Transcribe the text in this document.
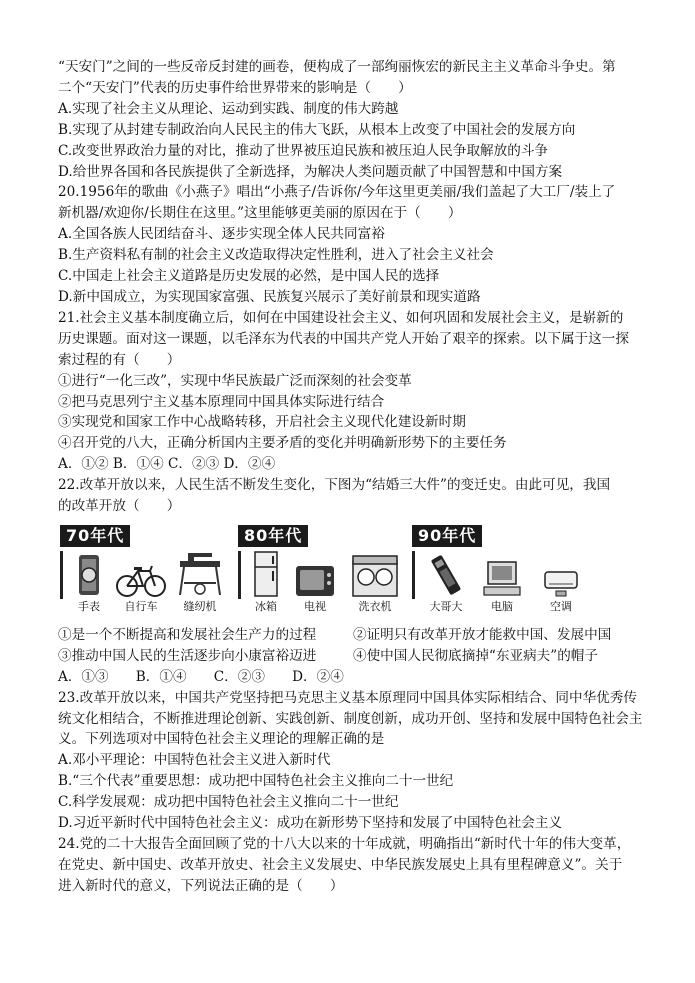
“天安门”之间的一些反帝反封建的画卷，便构成了一部绚丽恢宏的新民主主义革命斗争史。第
二个“天安门”代表的历史事件给世界带来的影响是（　　）
A.实现了社会主义从理论、运动到实践、制度的伟大跨越
B.实现了从封建专制政治向人民民主的伟大飞跃，从根本上改变了中国社会的发展方向
C.改变世界政治力量的对比，推动了世界被压迫民族和被压迫人民争取解放的斗争
D.给世界各国和各民族提供了全新选择，为解决人类问题贡献了中国智慧和中国方案
20.1956年的歌曲《小燕子》唱出“小燕子/告诉你/今年这里更美丽/我们盖起了大工厂/装上了
新机器/欢迎你/长期住在这里。”这里能够更美丽的原因在于（　　）
A.全国各族人民团结奋斗、逐步实现全体人民共同富裕
B.生产资料私有制的社会主义改造取得决定性胜利，进入了社会主义社会
C.中国走上社会主义道路是历史发展的必然，是中国人民的选择
D.新中国成立，为实现国家富强、民族复兴展示了美好前景和现实道路
21.社会主义基本制度确立后，如何在中国建设社会主义、如何巩固和发展社会主义，是崭新的
历史课题。面对这一课题，以毛泽东为代表的中国共产党人开始了艰辛的探索。以下属于这一探
索过程的有（　　）
①进行“一化三改”，实现中华民族最广泛而深刻的社会变革
②把马克思列宁主义基本原理同中国具体实际进行结合
③实现党和国家工作中心战略转移，开启社会主义现代化建设新时期
④召开党的八大，正确分析国内主要矛盾的变化并明确新形势下的主要任务
A．①② B．①④ C．②③ D．②④
22.改革开放以来，人民生活不断发生变化，下图为“结婚三大件”的变迁史。由此可见，我国
的改革开放（　　）
70年代
手表 自行车 缝纫机
80年代
冰箱 电视	洗衣机
90年代
大哥大	电脑	空调
①是一个不断提高和发展社会生产力的过程	②证明只有改革开放才能救中国、发展中国
③推动中国人民的生活逐步向小康富裕迈进	④使中国人民彻底摘掉“东亚病夫”的帽子
A．①③　　B．①④　　C．②③　　D．②④
23.改革开放以来，中国共产党坚持把马克思主义基本原理同中国具体实际相结合、同中华优秀传
统文化相结合，不断推进理论创新、实践创新、制度创新，成功开创、坚持和发展中国特色社会主
义。下列选项对中国特色社会主义理论的理解正确的是
A.邓小平理论：中国特色社会主义进入新时代
B.“三个代表”重要思想：成功把中国特色社会主义推向二十一世纪
C.科学发展观：成功把中国特色社会主义推向二十一世纪
D.习近平新时代中国特色社会主义：成功在新形势下坚持和发展了中国特色社会主义
24.党的二十大报告全面回顾了党的十八大以来的十年成就，明确指出“新时代十年的伟大变革，
在党史、新中国史、改革开放史、社会主义发展史、中华民族发展史上具有里程碑意义”。关于
进入新时代的意义，下列说法正确的是（　　）
